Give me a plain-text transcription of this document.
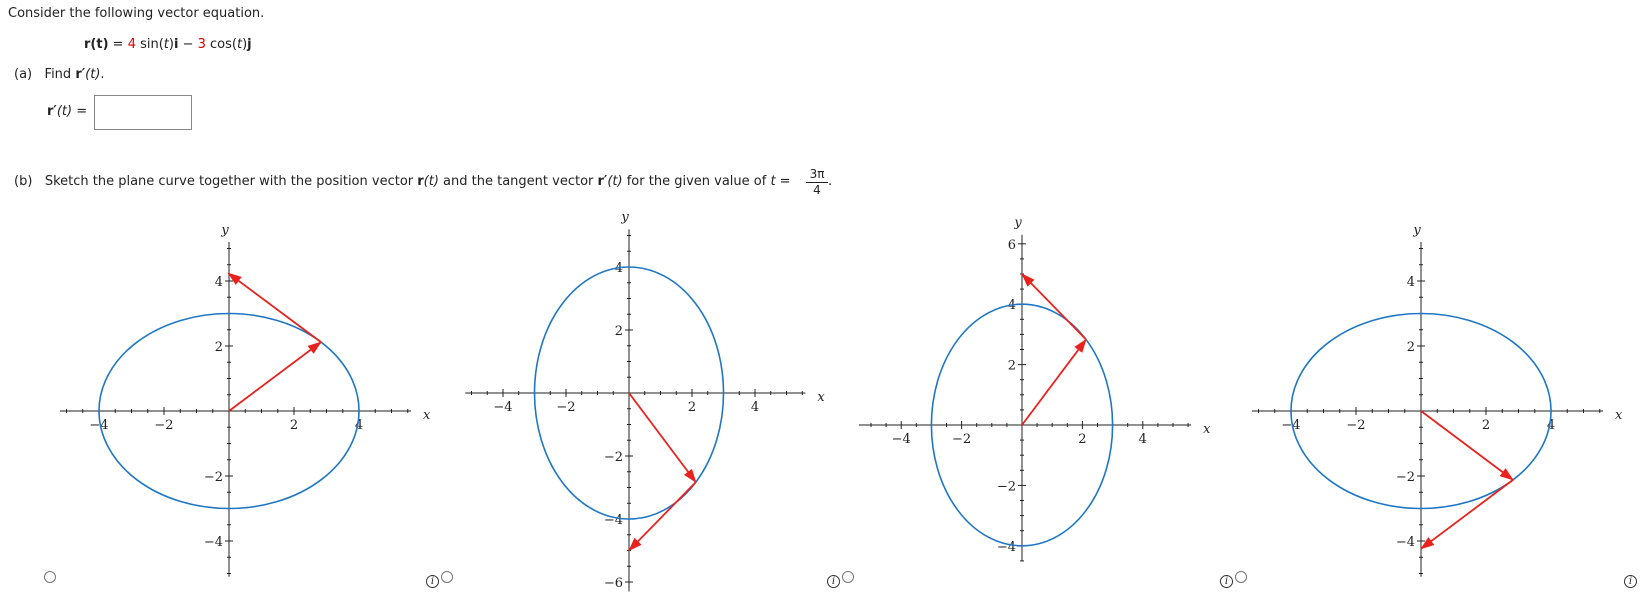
Consider the following vector equation.
r(t) = 4 sin(t)i − 3 cos(t)j
(a) Find r′(t).
r′(t) =
(b) Sketch the plane curve together with the position vector r(t) and the tangent vector r′(t) for the given value of $t = \frac{3\pi}{4}$ .
−4	−2	2	4
−4
−2
2
4
x
y
−4	−2	2	4
−6
−4
−2
2
4
x
y
−4	−2	2	4
−4
−2
2
4
6
x
y
−4	−2	2	4
−4
−2
2
4
x
y
i	i	i	i
